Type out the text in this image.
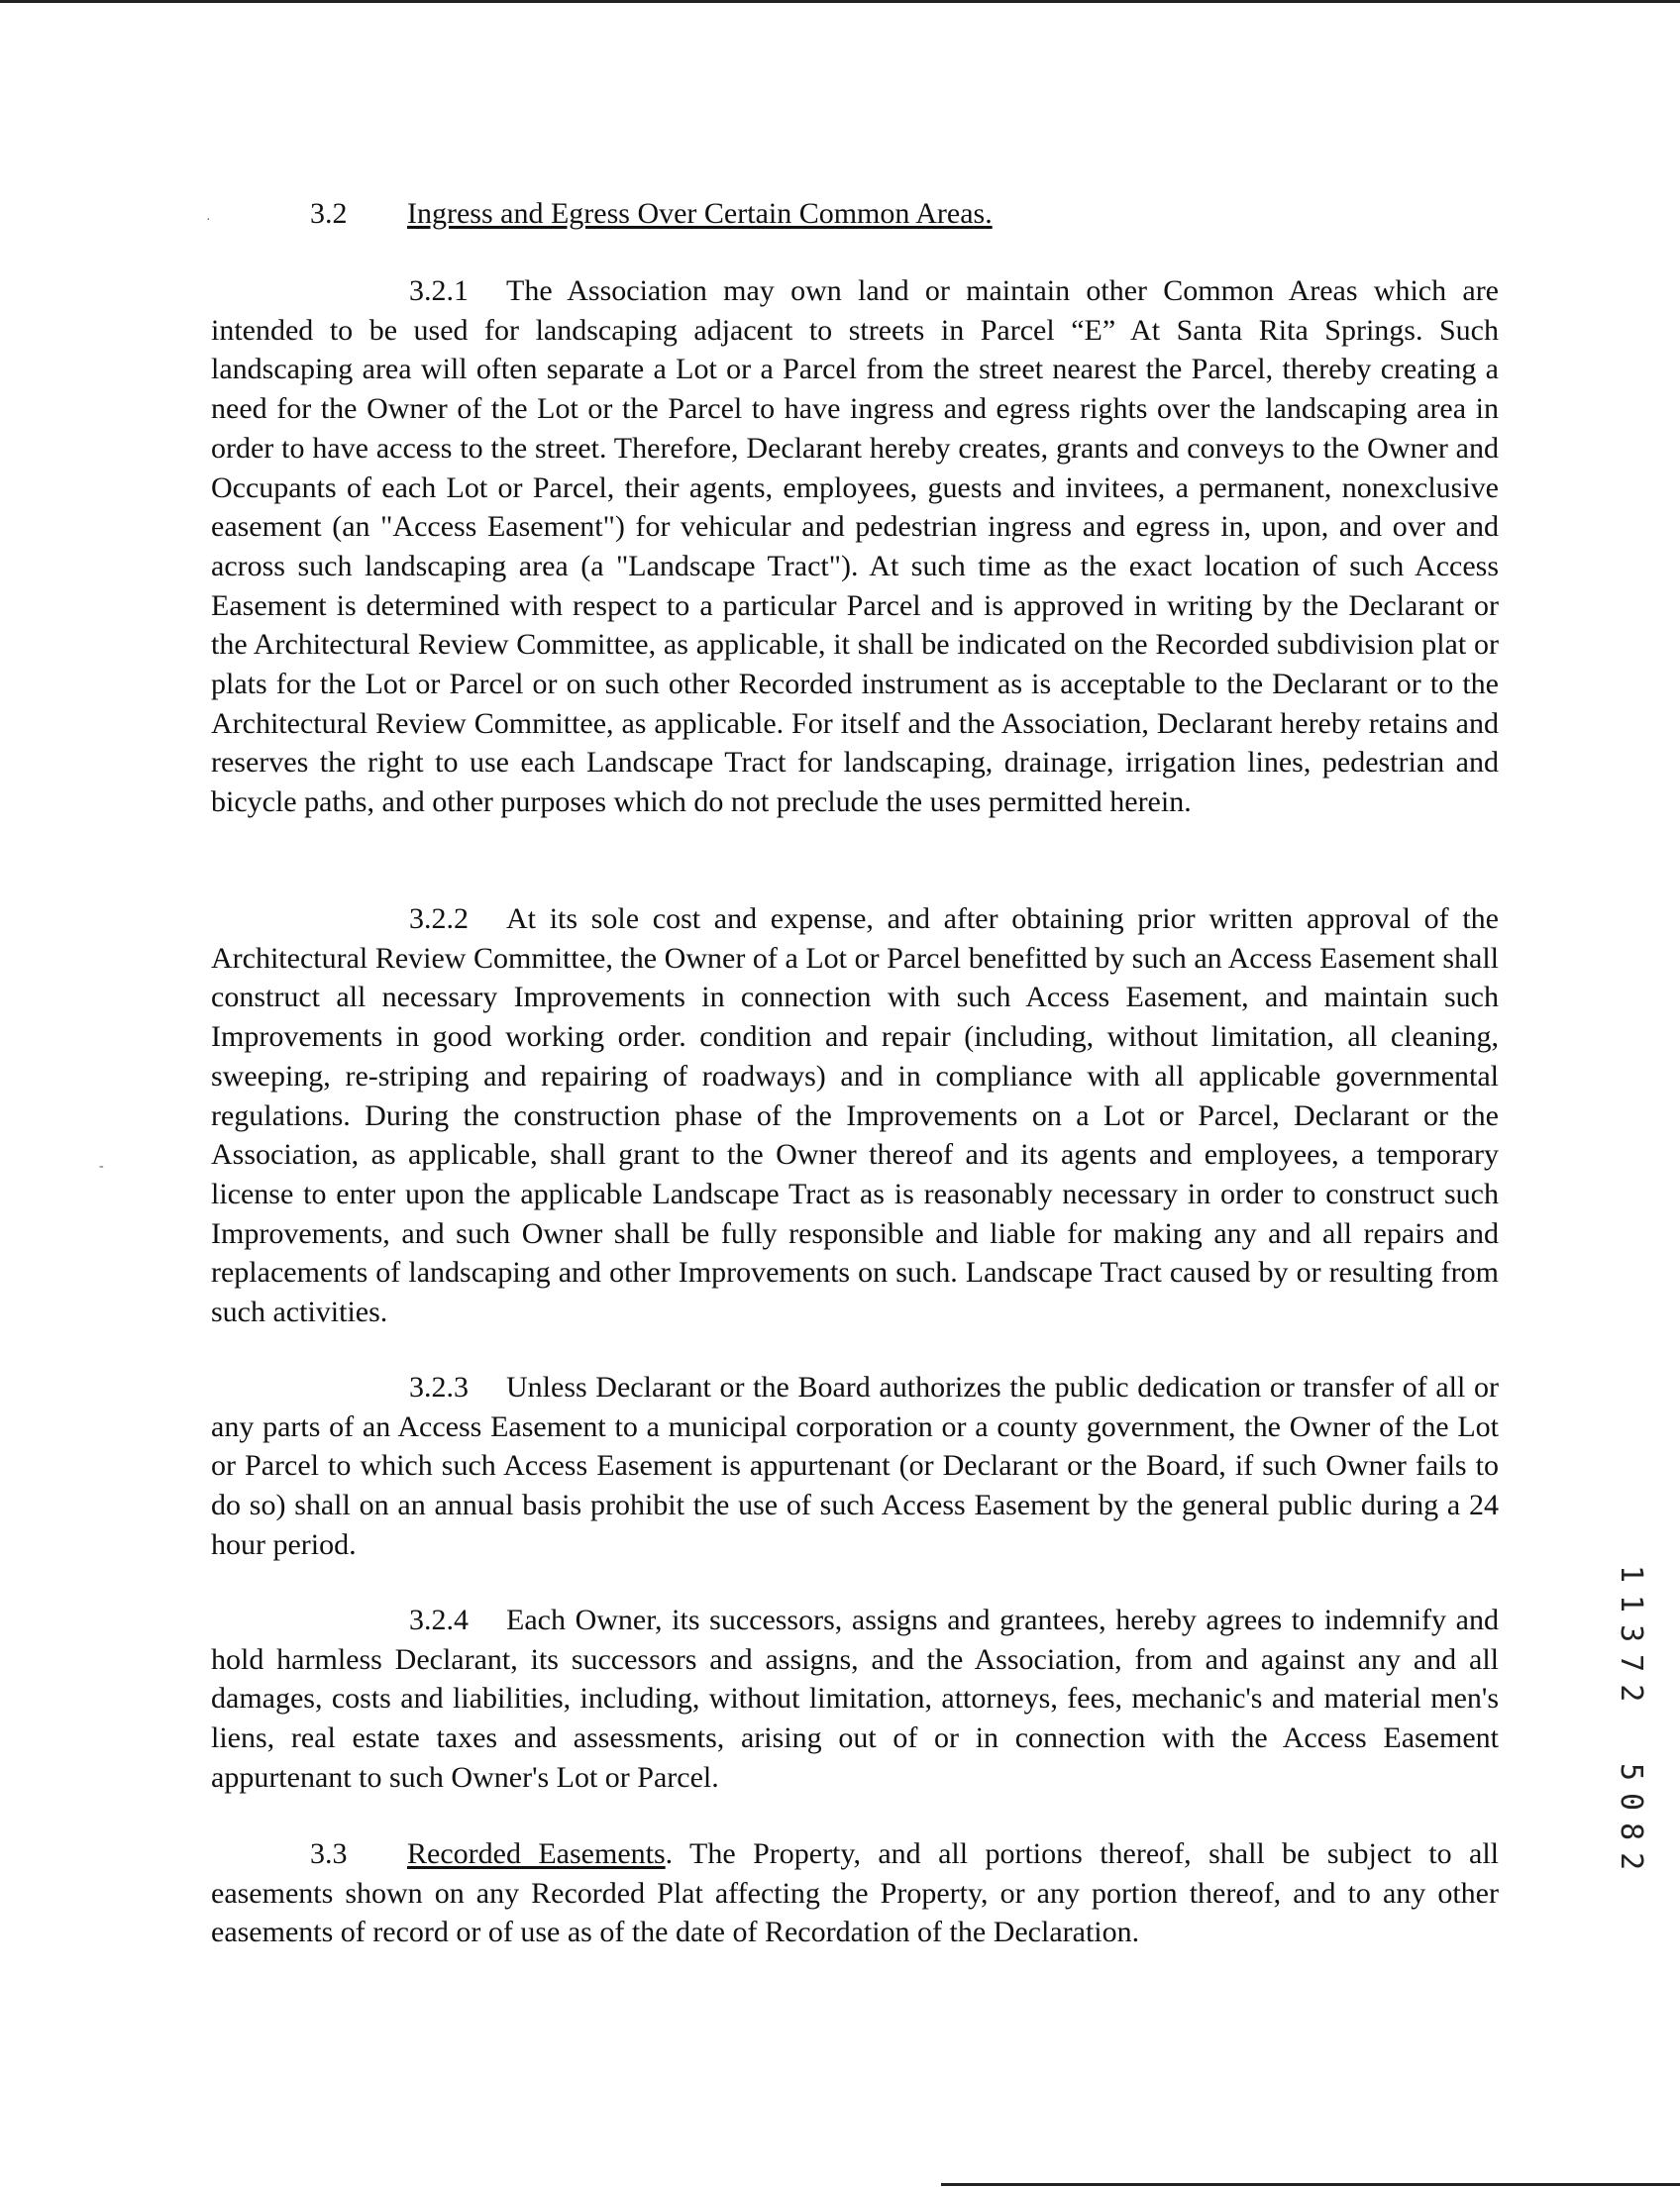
3.2 Ingress and Egress Over Certain Common Areas.

3.2.1 The Association may own land or maintain other Common Areas which are intended to be used for landscaping adjacent to streets in Parcel “E” At Santa Rita Springs. Such landscaping area will often separate a Lot or a Parcel from the street nearest the Parcel, thereby creating a need for the Owner of the Lot or the Parcel to have ingress and egress rights over the landscaping area in order to have access to the street. Therefore, Declarant hereby creates, grants and conveys to the Owner and Occupants of each Lot or Parcel, their agents, employees, guests and invitees, a permanent, nonexclusive easement (an "Access Easement") for vehicular and pedestrian ingress and egress in, upon, and over and across such landscaping area (a "Landscape Tract"). At such time as the exact location of such Access Easement is determined with respect to a particular Parcel and is approved in writing by the Declarant or the Architectural Review Committee, as applicable, it shall be indicated on the Recorded subdivision plat or plats for the Lot or Parcel or on such other Recorded instrument as is acceptable to the Declarant or to the Architectural Review Committee, as applicable. For itself and the Association, Declarant hereby retains and reserves the right to use each Landscape Tract for landscaping, drainage, irrigation lines, pedestrian and bicycle paths, and other purposes which do not preclude the uses permitted herein.

3.2.2 At its sole cost and expense, and after obtaining prior written approval of the Architectural Review Committee, the Owner of a Lot or Parcel benefitted by such an Access Easement shall construct all necessary Improvements in connection with such Access Easement, and maintain such Improvements in good working order. condition and repair (including, without limitation, all cleaning, sweeping, re-striping and repairing of roadways) and in compliance with all applicable governmental regulations. During the construction phase of the Improvements on a Lot or Parcel, Declarant or the Association, as applicable, shall grant to the Owner thereof and its agents and employees, a temporary license to enter upon the applicable Landscape Tract as is reasonably necessary in order to construct such Improvements, and such Owner shall be fully responsible and liable for making any and all repairs and replacements of landscaping and other Improvements on such. Landscape Tract caused by or resulting from such activities.

3.2.3 Unless Declarant or the Board authorizes the public dedication or transfer of all or any parts of an Access Easement to a municipal corporation or a county government, the Owner of the Lot or Parcel to which such Access Easement is appurtenant (or Declarant or the Board, if such Owner fails to do so) shall on an annual basis prohibit the use of such Access Easement by the general public during a 24 hour period.

3.2.4 Each Owner, its successors, assigns and grantees, hereby agrees to indemnify and hold harmless Declarant, its successors and assigns, and the Association, from and against any and all damages, costs and liabilities, including, without limitation, attorneys, fees, mechanic's and material men's liens, real estate taxes and assessments, arising out of or in connection with the Access Easement appurtenant to such Owner's Lot or Parcel.

3.3 Recorded Easements. The Property, and all portions thereof, shall be subject to all easements shown on any Recorded Plat affecting the Property, or any portion thereof, and to any other easements of record or of use as of the date of Recordation of the Declaration.

11372
5082
·
-
